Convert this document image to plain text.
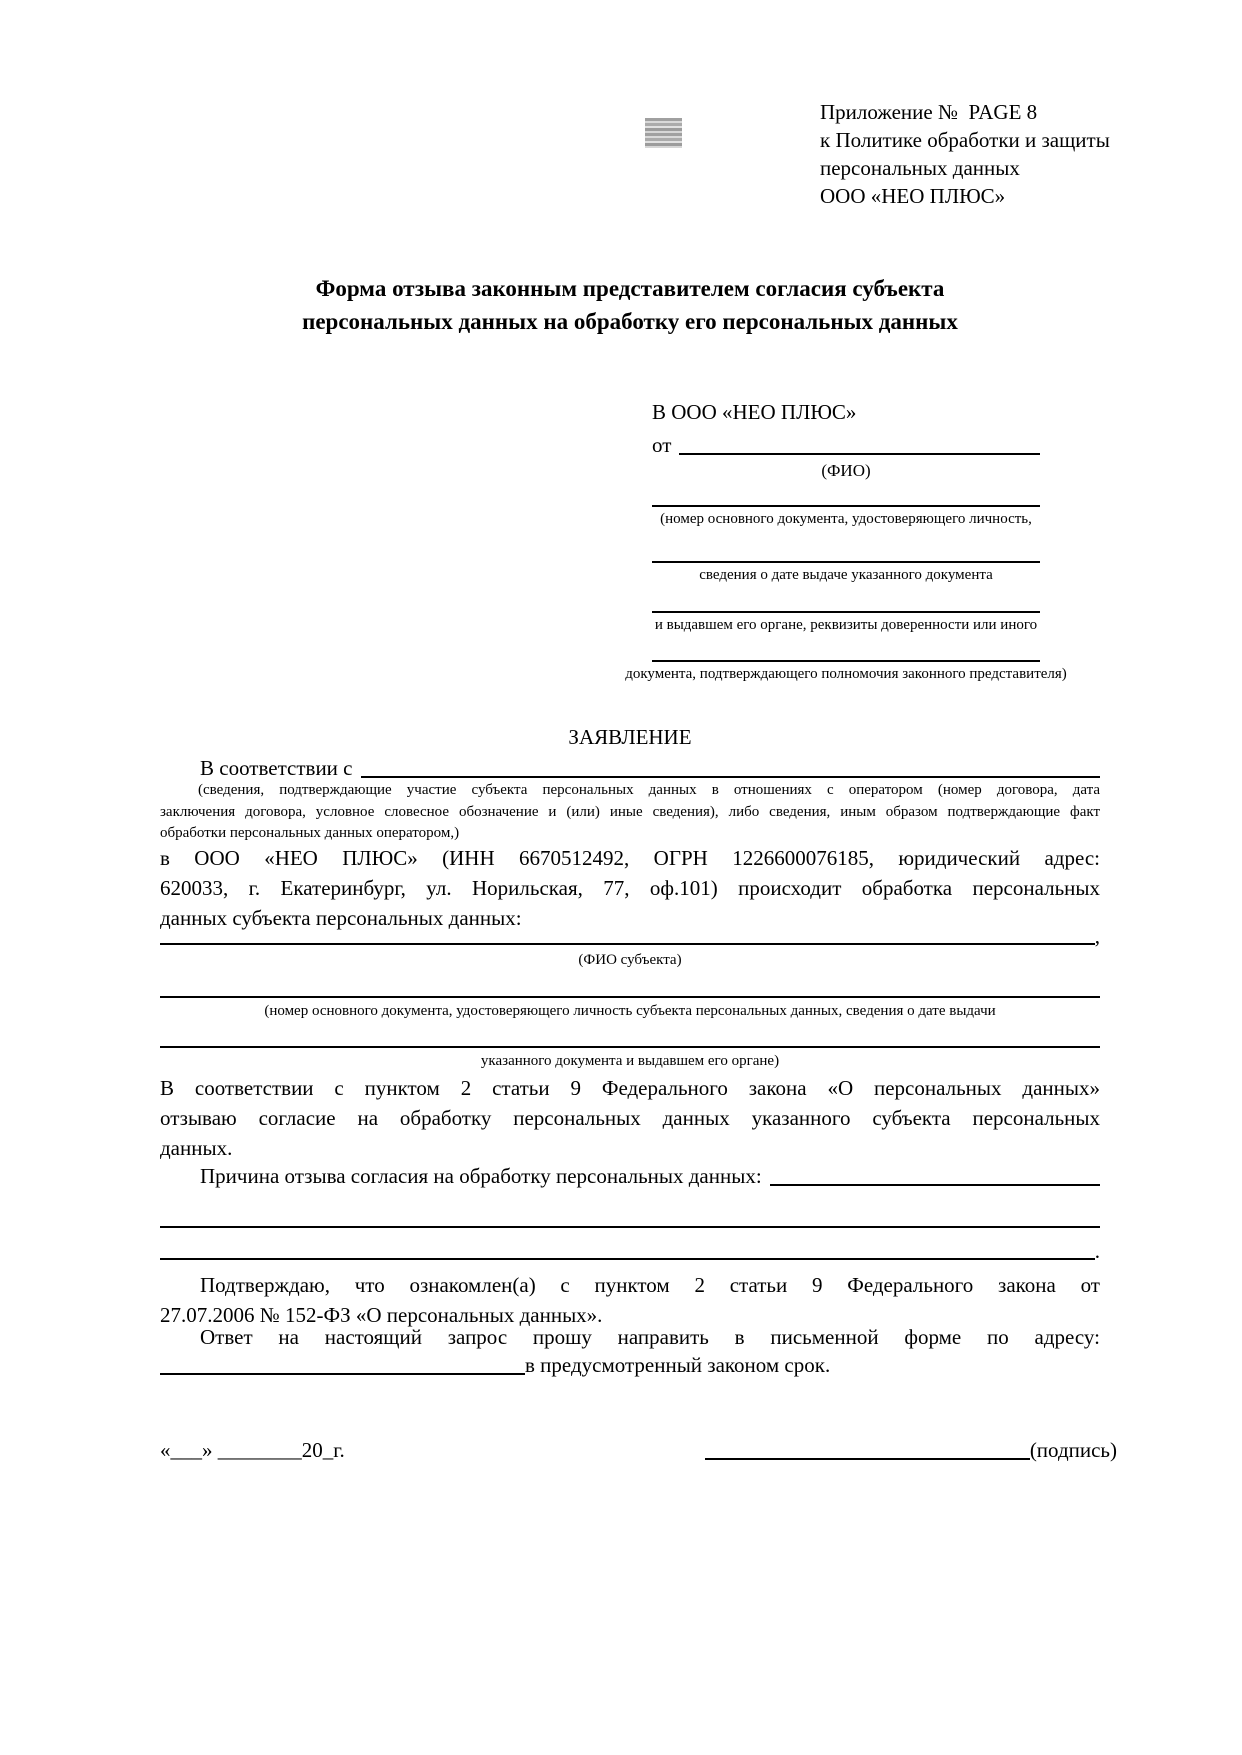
Приложение №  PAGE 8
к Политике обработки и защиты
персональных данных
ООО «НЕО ПЛЮС»
Форма отзыва законным представителем согласия субъекта
персональных данных на обработку его персональных данных
В ООО «НЕО ПЛЮС»
от
(ФИО)
(номер основного документа, удостоверяющего личность,
сведения о дате выдаче указанного документа
и выдавшем его органе, реквизиты доверенности или иного
документа, подтверждающего полномочия законного представителя)
ЗАЯВЛЕНИЕ
В соответствии с
(сведения, подтверждающие участие субъекта персональных данных в отношениях с оператором (номер договора, дата
заключения договора, условное словесное обозначение и (или) иные сведения), либо сведения, иным образом подтверждающие факт
обработки персональных данных оператором,)
в ООО «НЕО ПЛЮС» (ИНН 6670512492, ОГРН 1226600076185, юридический адрес:
620033, г. Екатеринбург, ул. Норильская, 77, оф.101) происходит обработка персональных
данных субъекта персональных данных:
,
(ФИО субъекта)
(номер основного документа, удостоверяющего личность субъекта персональных данных, сведения о дате выдачи
указанного документа и выдавшем его органе)
В соответствии с пунктом 2 статьи 9 Федерального закона «О персональных данных»
отзываю согласие на обработку персональных данных указанного субъекта персональных
данных.
Причина отзыва согласия на обработку персональных данных:
.
Подтверждаю, что ознакомлен(а) с пунктом 2 статьи 9 Федерального закона от
27.07.2006 № 152-ФЗ «О персональных данных».
Ответ на настоящий запрос прошу направить в письменной форме по адресу:
в предусмотренный законом срок.
«___» ________20_г.	(подпись)
